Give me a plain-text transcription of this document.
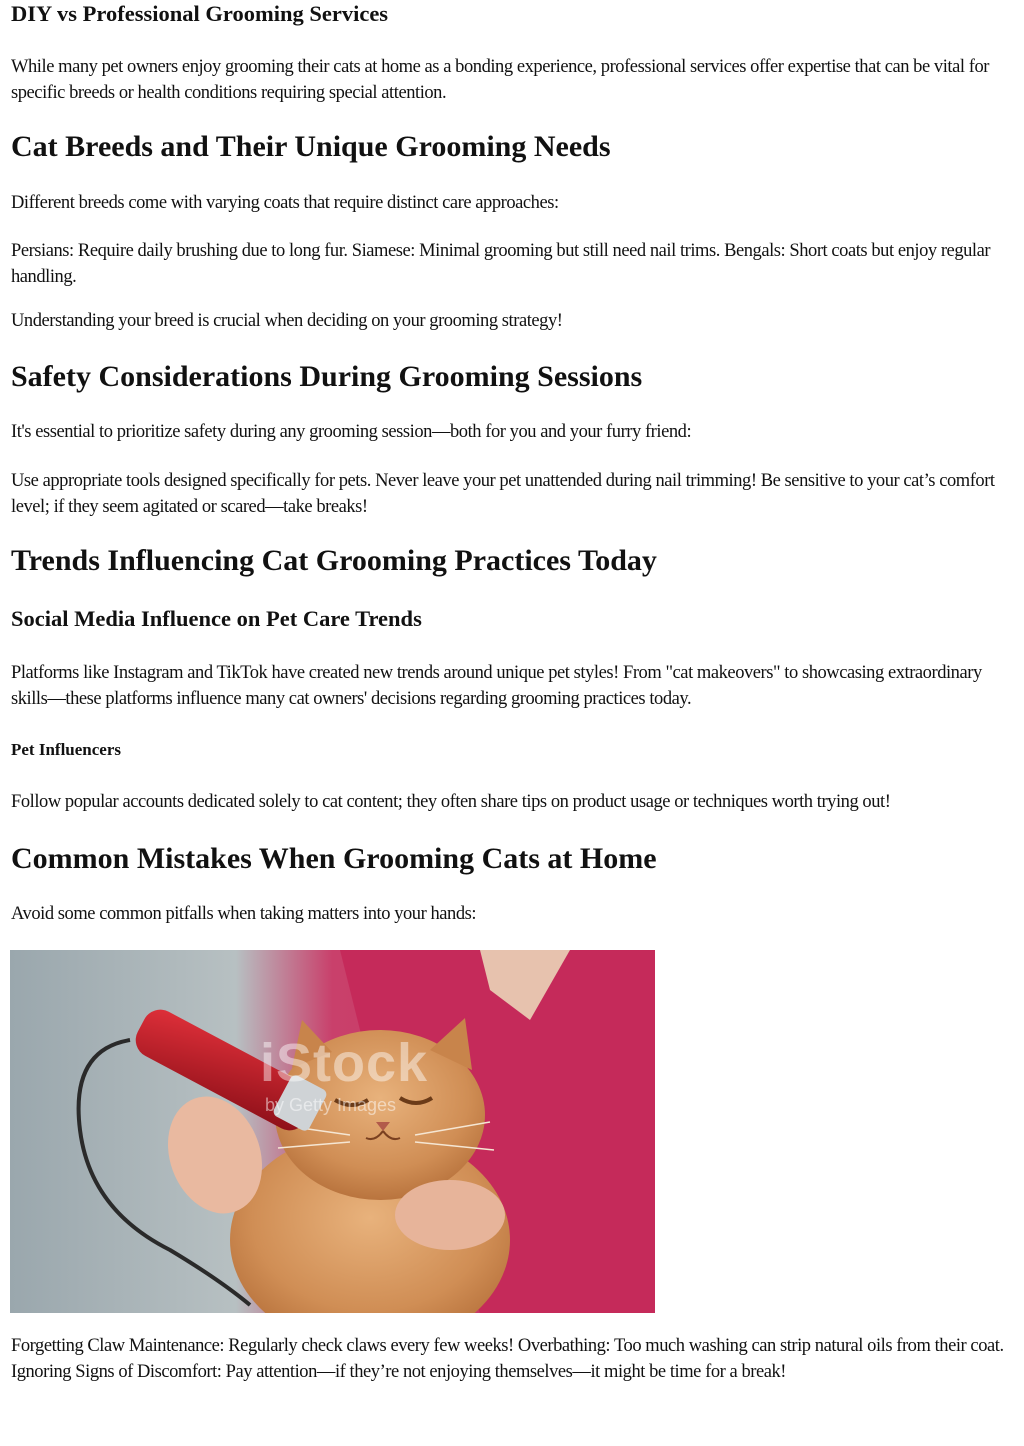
DIY vs Professional Grooming Services

While many pet owners enjoy grooming their cats at home as a bonding experience, professional services offer expertise that can be vital for specific breeds or health conditions requiring special attention.

Cat Breeds and Their Unique Grooming Needs

Different breeds come with varying coats that require distinct care approaches:

Persians: Require daily brushing due to long fur. Siamese: Minimal grooming but still need nail trims. Bengals: Short coats but enjoy regular handling.

Understanding your breed is crucial when deciding on your grooming strategy!

Safety Considerations During Grooming Sessions

It's essential to prioritize safety during any grooming session—both for you and your furry friend:

Use appropriate tools designed specifically for pets. Never leave your pet unattended during nail trimming! Be sensitive to your cat’s comfort level; if they seem agitated or scared—take breaks!

Trends Influencing Cat Grooming Practices Today
Social Media Influence on Pet Care Trends

Platforms like Instagram and TikTok have created new trends around unique pet styles! From "cat makeovers" to showcasing extraordinary skills—these platforms influence many cat owners' decisions regarding grooming practices today.

Pet Influencers

Follow popular accounts dedicated solely to cat content; they often share tips on product usage or techniques worth trying out!

Common Mistakes When Grooming Cats at Home

Avoid some common pitfalls when taking matters into your hands:

iStock
by Getty Images

Forgetting Claw Maintenance: Regularly check claws every few weeks! Overbathing: Too much washing can strip natural oils from their coat. Ignoring Signs of Discomfort: Pay attention—if they’re not enjoying themselves—it might be time for a break!
